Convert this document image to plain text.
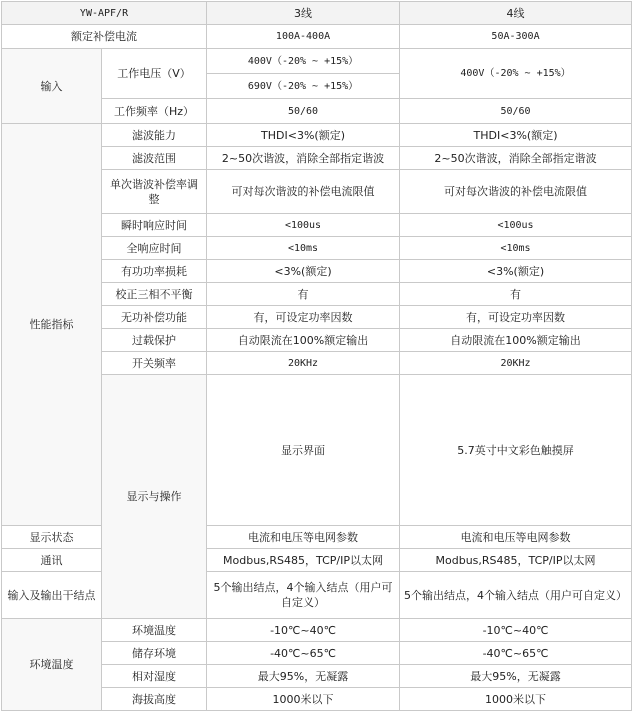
YW-APF/R		3线	4线	
额定补偿电流		100A-400A	50A-300A	
输入	工作电压（V）	400V（-20% ~ +15%）	400V（-20% ~ +15%）	
		690V（-20% ~ +15%）		
	工作频率（Hz）	50/60	50/60	
性能指标	滤波能力	THDI<3%(额定)	THDI<3%(额定)	
	滤波范围	2~50次谐波，消除全部指定谐波	2~50次谐波，消除全部指定谐波	
	单次谐波补偿率调整	可对每次谐波的补偿电流限值	可对每次谐波的补偿电流限值	
	瞬时响应时间	<100us	<100us	
	全响应时间	<10ms	<10ms	
	有功功率损耗	<3%(额定)	<3%(额定)	
	校正三相不平衡	有	有	
	无功补偿功能	有，可设定功率因数	有，可设定功率因数	
	过载保护	自动限流在100%额定输出	自动限流在100%额定输出	
	开关频率	20KHz	20KHz	
	显示与操作	显示界面	5.7英寸中文彩色触摸屏	
显示状态		电流和电压等电网参数	电流和电压等电网参数	
通讯		Modbus,RS485，TCP/IP以太网	Modbus,RS485，TCP/IP以太网	
输入及输出干结点		5个输出结点，4个输入结点（用户可自定义）	5个输出结点，4个输入结点（用户可自定义）	
环境温度	环境温度	-10℃~40℃	-10℃~40℃	
	储存环境	-40℃~65℃	-40℃~65℃	
	相对湿度	最大95%，无凝露	最大95%，无凝露	
	海拔高度	1000米以下	1000米以下	
